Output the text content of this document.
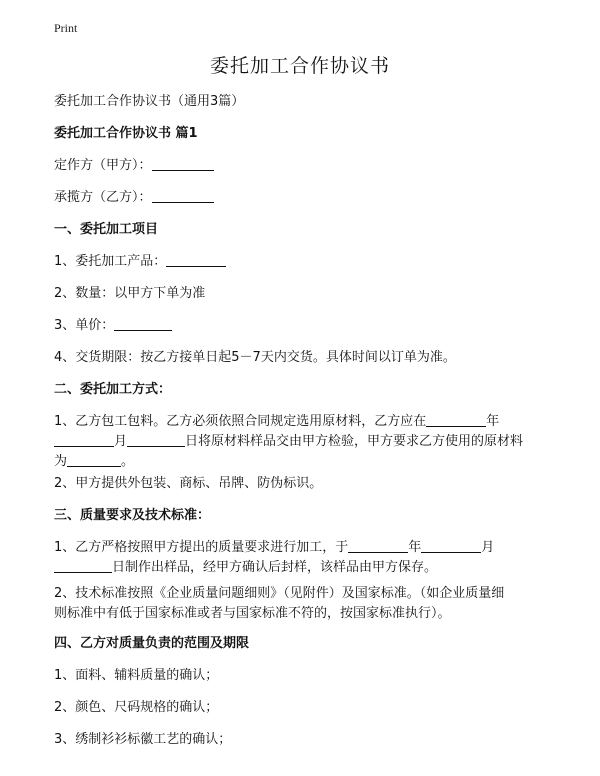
Print
委托加工合作协议书
委托加工合作协议书（通用3篇）
委托加工合作协议书 篇1
定作方（甲方）：
承揽方（乙方）：
一、委托加工项目
1、委托加工产品：
2、数量：以甲方下单为准
3、单价：
4、交货期限：按乙方接单日起5－7天内交货。具体时间以订单为准。
二、委托加工方式：
1、乙方包工包料。乙方必须依照合同规定选用原材料，乙方应在	年
月	日将原材料样品交由甲方检验，甲方要求乙方使用的原材料
为	。
2、甲方提供外包装、商标、吊牌、防伪标识。
三、质量要求及技术标准：
1、乙方严格按照甲方提出的质量要求进行加工，于	年	月
日制作出样品，经甲方确认后封样，该样品由甲方保存。
2、技术标准按照《企业质量问题细则》（见附件）及国家标准。（如企业质量细
则标准中有低于国家标准或者与国家标准不符的，按国家标准执行）。
四、乙方对质量负责的范围及期限
1、面料、辅料质量的确认；
2、颜色、尺码规格的确认；
3、绣制衫衫标徽工艺的确认；
